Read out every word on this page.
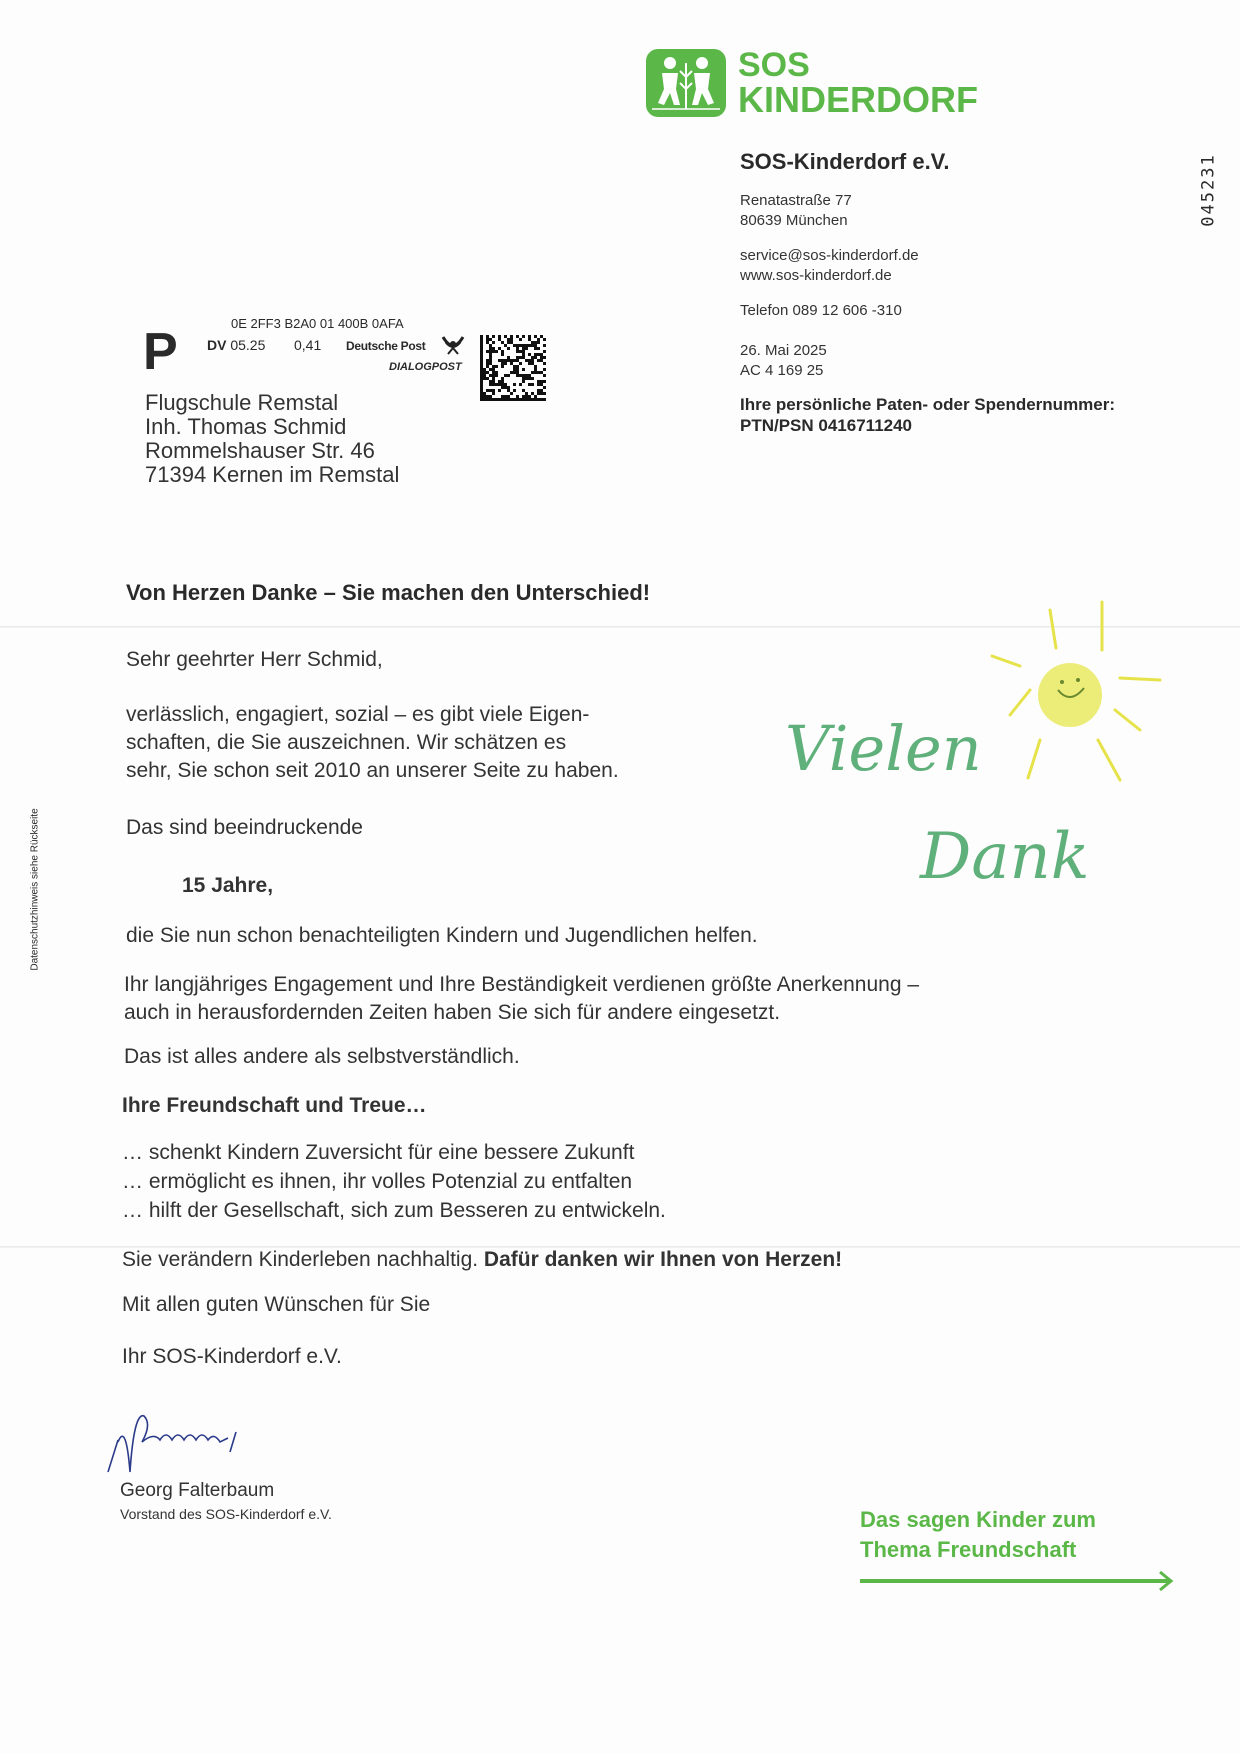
SOS
KINDERDORF
SOS-Kinderdorf e.V.
Renatastraße 77
80639 München
service@sos-kinderdorf.de
www.sos-kinderdorf.de
Telefon 089 12 606 -310
26. Mai 2025
AC 4 169 25
Ihre persönliche Paten- oder Spendernummer:
PTN/PSN 0416711240
045231
Datenschutzhinweis siehe Rückseite
0E 2FF3 B2A0 01 400B 0AFA
P DV 05.25 0,41 Deutsche Post
DIALOGPOST
Flugschule Remstal
Inh. Thomas Schmid
Rommelshauser Str. 46
71394 Kernen im Remstal
Von Herzen Danke – Sie machen den Unterschied!
Sehr geehrter Herr Schmid,
verlässlich, engagiert, sozial – es gibt viele Eigen-
schaften, die Sie auszeichnen. Wir schätzen es
sehr, Sie schon seit 2010 an unserer Seite zu haben.
Das sind beeindruckende
15 Jahre,
die Sie nun schon benachteiligten Kindern und Jugendlichen helfen.
Ihr langjähriges Engagement und Ihre Beständigkeit verdienen größte Anerkennung –
auch in herausfordernden Zeiten haben Sie sich für andere eingesetzt.
Das ist alles andere als selbstverständlich.
Ihre Freundschaft und Treue…
… schenkt Kindern Zuversicht für eine bessere Zukunft
… ermöglicht es ihnen, ihr volles Potenzial zu entfalten
… hilft der Gesellschaft, sich zum Besseren zu entwickeln.
Sie verändern Kinderleben nachhaltig. Dafür danken wir Ihnen von Herzen!
Mit allen guten Wünschen für Sie
Ihr SOS-Kinderdorf e.V.
Georg Falterbaum
Vorstand des SOS-Kinderdorf e.V.
Vielen
Dank
Das sagen Kinder zum
Thema Freundschaft
